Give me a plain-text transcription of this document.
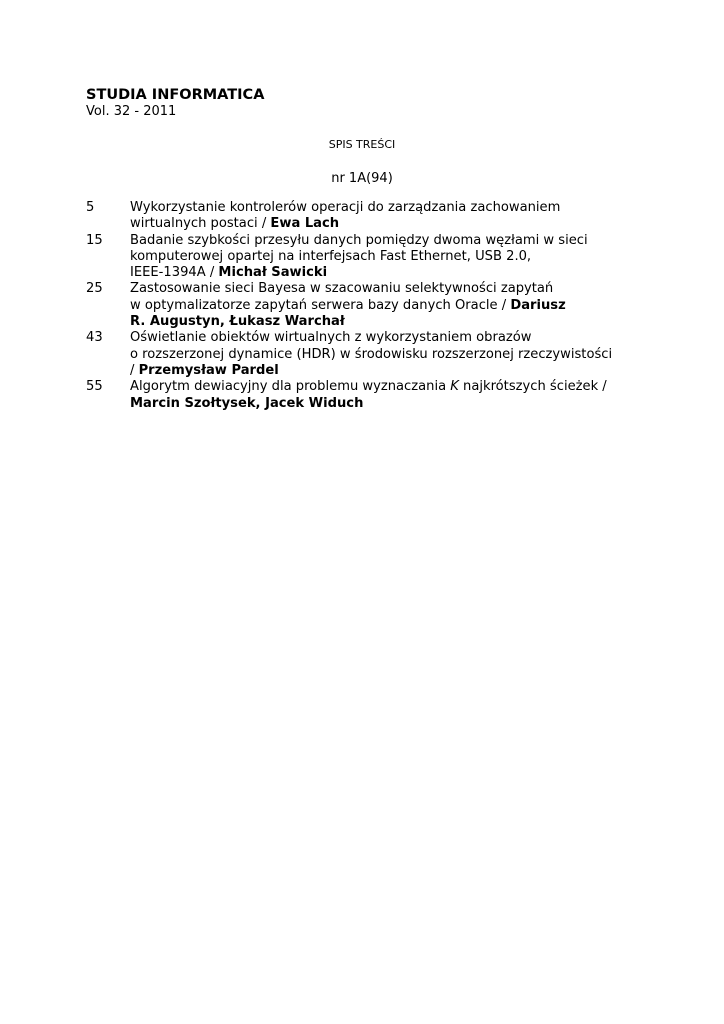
STUDIA INFORMATICA
Vol. 32 - 2011
SPIS TREŚCI
nr 1A(94)
5	Wykorzystanie kontrolerów operacji do zarządzania zachowaniem
wirtualnych postaci / Ewa Lach
15	Badanie szybkości przesyłu danych pomiędzy dwoma węzłami w sieci
komputerowej opartej na interfejsach Fast Ethernet, USB 2.0,
IEEE-1394A / Michał Sawicki
25	Zastosowanie sieci Bayesa w szacowaniu selektywności zapytań
w optymalizatorze zapytań serwera bazy danych Oracle / Dariusz
R. Augustyn, Łukasz Warchał
43	Oświetlanie obiektów wirtualnych z wykorzystaniem obrazów
o rozszerzonej dynamice (HDR) w środowisku rozszerzonej rzeczywistości
/ Przemysław Pardel
55	Algorytm dewiacyjny dla problemu wyznaczania K najkrótszych ścieżek /
Marcin Szołtysek, Jacek Widuch
